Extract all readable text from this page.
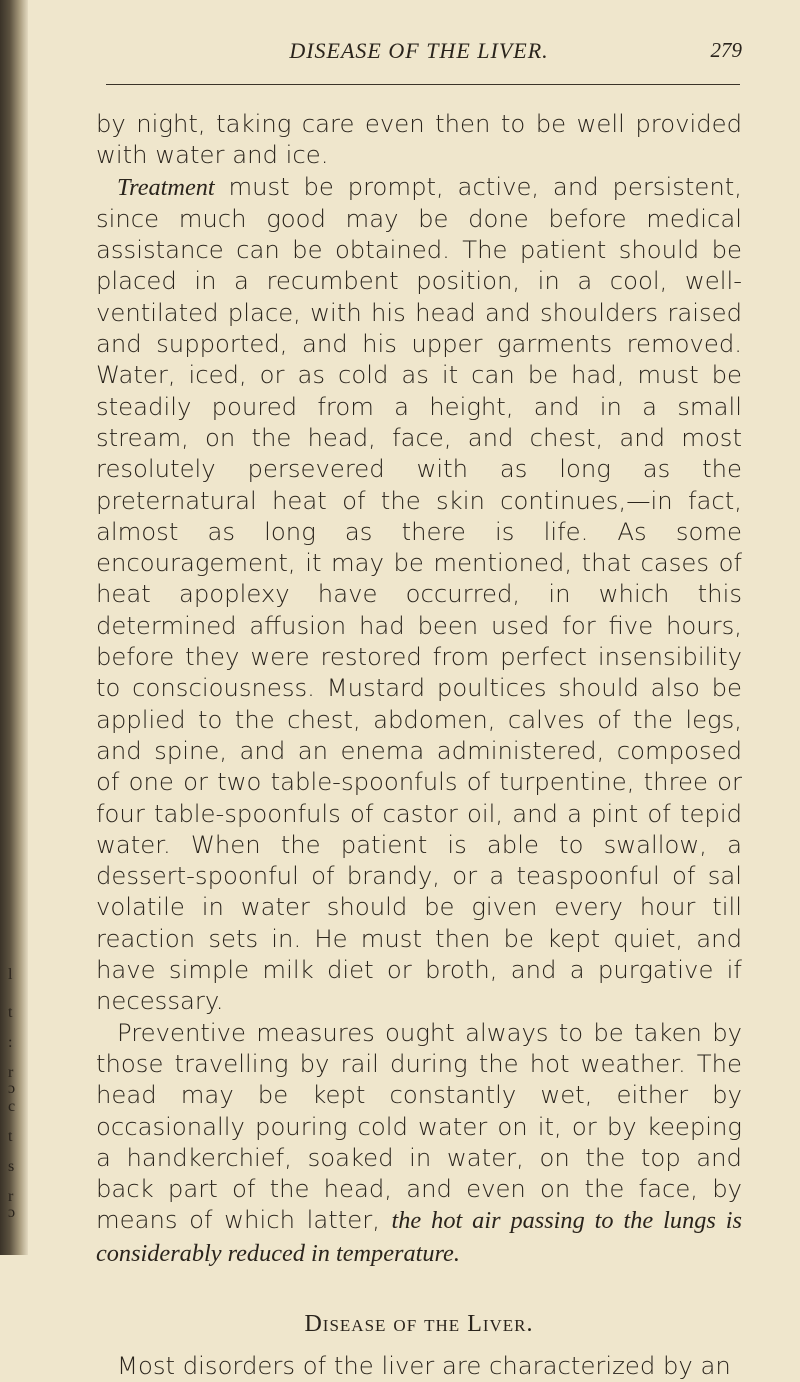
l
t
:
r
ɔ
c
t
s
r
ɔ
DISEASE OF THE LIVER.	279

by night, taking care even then to be well provided with water and ice.

Treatment must be prompt, active, and persistent, since much good may be done before medical assistance can be obtained. The patient should be placed in a recumbent position, in a cool, well-ventilated place, with his head and shoulders raised and supported, and his upper garments removed. Water, iced, or as cold as it can be had, must be steadily poured from a height, and in a small stream, on the head, face, and chest, and most resolutely persevered with as long as the preternatural heat of the skin continues,—in fact, almost as long as there is life. As some encouragement, it may be mentioned, that cases of heat apoplexy have occurred, in which this determined affusion had been used for five hours, before they were restored from perfect insensibility to consciousness. Mustard poultices should also be applied to the chest, abdomen, calves of the legs, and spine, and an enema administered, composed of one or two table-spoonfuls of turpentine, three or four table-spoonfuls of castor oil, and a pint of tepid water. When the patient is able to swallow, a dessert-spoonful of brandy, or a teaspoonful of sal volatile in water should be given every hour till reaction sets in. He must then be kept quiet, and have simple milk diet or broth, and a purgative if necessary.

Preventive measures ought always to be taken by those travelling by rail during the hot weather. The head may be kept constantly wet, either by occasionally pouring cold water on it, or by keeping a handkerchief, soaked in water, on the top and back part of the head, and even on the face, by means of which latter, the hot air passing to the lungs is considerably reduced in temperature.

Disease of the Liver.

Most disorders of the liver are characterized by an
